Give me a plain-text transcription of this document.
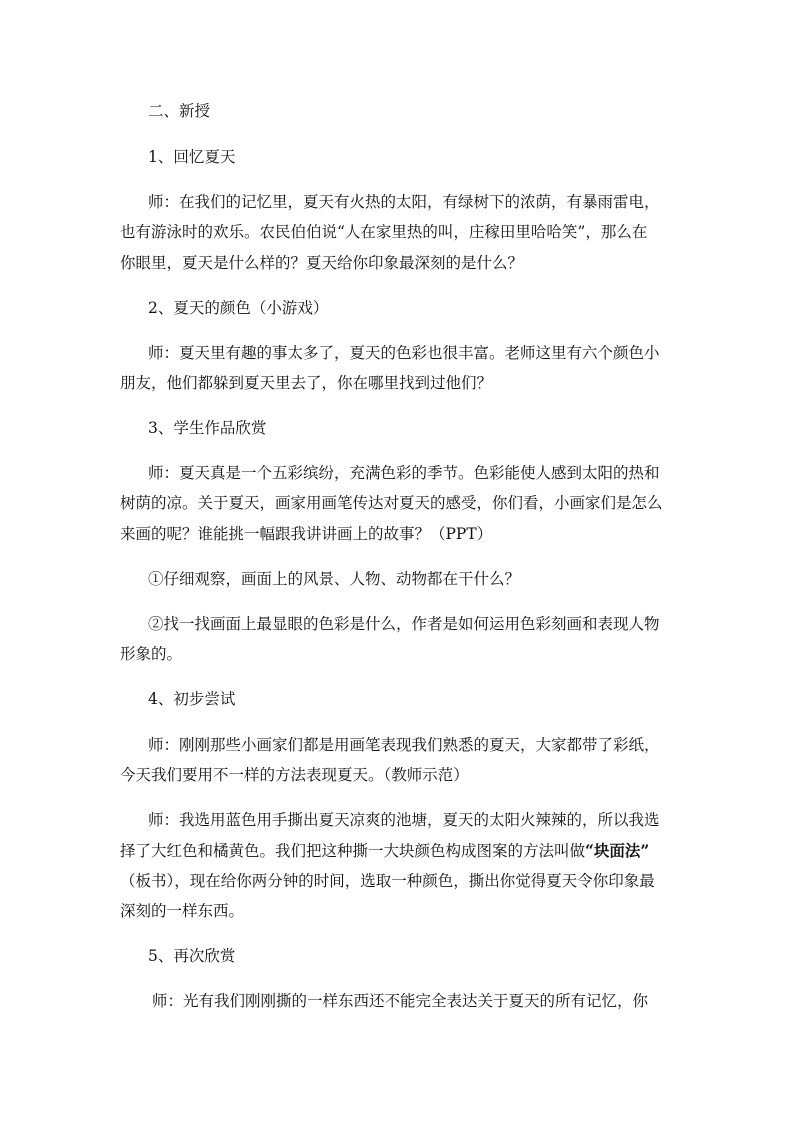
二、新授
1、回忆夏天
师：在我们的记忆里，夏天有火热的太阳，有绿树下的浓荫，有暴雨雷电，
也有游泳时的欢乐。农民伯伯说“人在家里热的叫，庄稼田里哈哈笑”，那么在
你眼里，夏天是什么样的？夏天给你印象最深刻的是什么？
2、夏天的颜色（小游戏）
师：夏天里有趣的事太多了，夏天的色彩也很丰富。老师这里有六个颜色小
朋友，他们都躲到夏天里去了，你在哪里找到过他们？
3、学生作品欣赏
师：夏天真是一个五彩缤纷，充满色彩的季节。色彩能使人感到太阳的热和
树荫的凉。关于夏天，画家用画笔传达对夏天的感受，你们看，小画家们是怎么
来画的呢？谁能挑一幅跟我讲讲画上的故事？（PPT）
①仔细观察，画面上的风景、人物、动物都在干什么？
②找一找画面上最显眼的色彩是什么，作者是如何运用色彩刻画和表现人物
形象的。
4、初步尝试
师：刚刚那些小画家们都是用画笔表现我们熟悉的夏天，大家都带了彩纸，
今天我们要用不一样的方法表现夏天。（教师示范）
师：我选用蓝色用手撕出夏天凉爽的池塘，夏天的太阳火辣辣的，所以我选
择了大红色和橘黄色。我们把这种撕一大块颜色构成图案的方法叫做“块面法”
（板书），现在给你两分钟的时间，选取一种颜色，撕出你觉得夏天令你印象最
深刻的一样东西。
5、再次欣赏
师：光有我们刚刚撕的一样东西还不能完全表达关于夏天的所有记忆，你
